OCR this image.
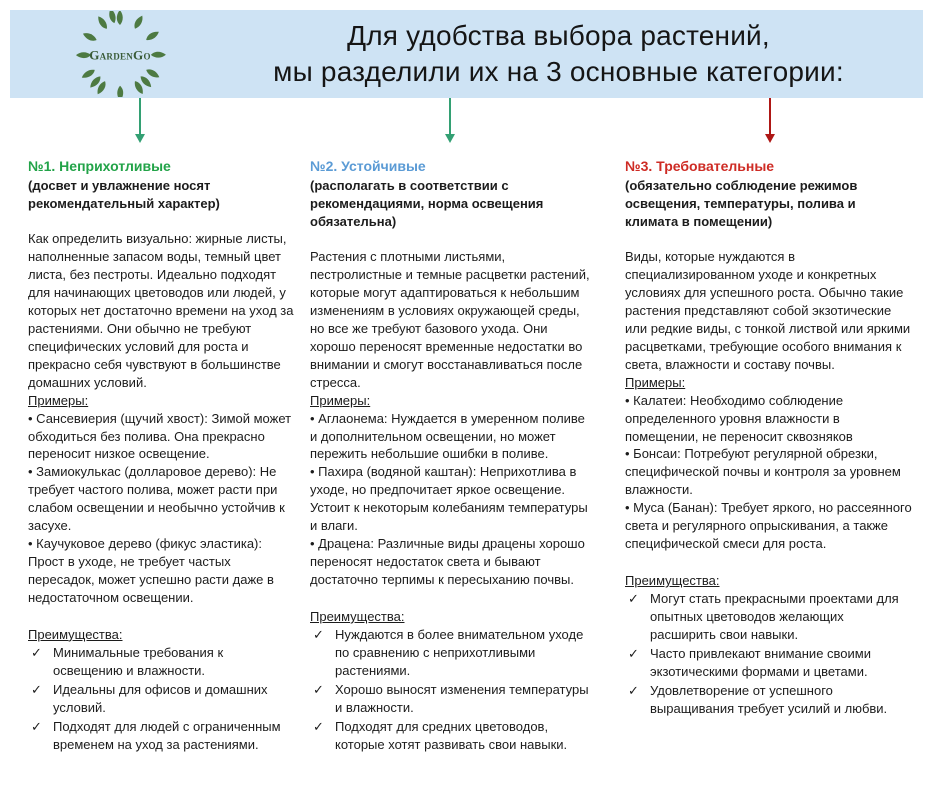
GardenGo
Для удобства выбора растений,
мы разделили их на 3 основные категории:

№1. Неприхотливые

(досвет и увлажнение носят рекомендательный характер)

Как определить визуально: жирные листы, наполненные запасом воды, темный цвет листа, без пестроты. Идеально подходят для начинающих цветоводов или людей, у которых нет достаточно времени на уход за растениями. Они обычно не требуют специфических условий для роста и прекрасно себя чувствуют в большинстве домашних условий.

Примеры:

• Сансевиерия (щучий хвост): Зимой может обходиться без полива. Она прекрасно переносит низкое освещение.
• Замиокулькас (долларовое дерево): Не требует частого полива, может расти при слабом освещении и необычно устойчив к засухе.
• Каучуковое дерево (фикус эластика): Прост в уходе, не требует частых пересадок, может успешно расти даже в недостаточном освещении.

Преимущества:

✓ Минимальные требования к освещению и влажности.
✓ Идеальны для офисов и домашних условий.
✓ Подходят для людей с ограниченным временем на уход за растениями.

№2. Устойчивые

(располагать в соответствии с рекомендациями, норма освещения обязательна)

Растения с плотными листьями, пестролистные и темные расцветки растений, которые могут адаптироваться к небольшим изменениям в условиях окружающей среды, но все же требуют базового ухода. Они хорошо переносят временные недостатки во внимании и смогут восстанавливаться после стресса.

Примеры:

• Аглаонема: Нуждается в умеренном поливе и дополнительном освещении, но может пережить небольшие ошибки в поливе.
• Пахира (водяной каштан): Неприхотлива в уходе, но предпочитает яркое освещение. Устоит к некоторым колебаниям температуры и влаги.
• Драцена: Различные виды драцены хорошо переносят недостаток света и бывают достаточно терпимы к пересыханию почвы.

Преимущества:

✓ Нуждаются в более внимательном уходе по сравнению с неприхотливыми растениями.
✓ Хорошо выносят изменения температуры и влажности.
✓ Подходят для средних цветоводов, которые хотят развивать свои навыки.

№3. Требовательные

(обязательно соблюдение режимов освещения, температуры, полива и климата в помещении)

Виды, которые нуждаются в специализированном уходе и конкретных условиях для успешного роста. Обычно такие растения представляют собой экзотические или редкие виды, с тонкой листвой или яркими расцветками, требующие особого внимания к света, влажности и составу почвы.

Примеры:

• Калатеи: Необходимо соблюдение определенного уровня влажности в помещении, не переносит сквозняков
• Бонсаи: Потребуют регулярной обрезки, специфической почвы и контроля за уровнем влажности.
• Муса (Банан): Требует яркого, но рассеянного света и регулярного опрыскивания, а также специфической смеси для роста.

Преимущества:

✓ Могут стать прекрасными проектами для опытных цветоводов желающих расширить свои навыки.
✓ Часто привлекают внимание своими экзотическими формами и цветами.
✓ Удовлетворение от успешного выращивания требует усилий и любви.
